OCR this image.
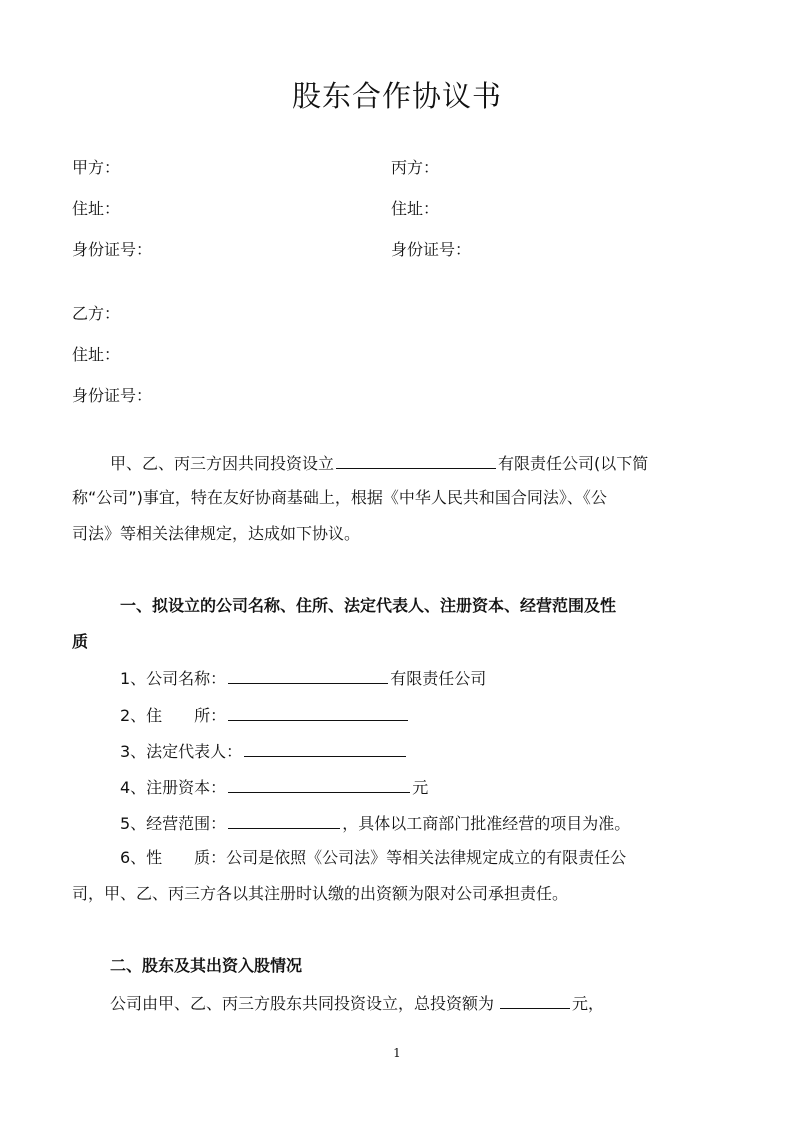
股东合作协议书
甲方：	丙方：
住址：	住址：
身份证号：	身份证号：
乙方：
住址：
身份证号：
甲、乙、丙三方因共同投资设立	有限责任公司(以下简
称“公司”)事宜，特在友好协商基础上，根据《中华人民共和国合同法》、《公
司法》等相关法律规定，达成如下协议。
一、拟设立的公司名称、住所、法定代表人、注册资本、经营范围及性
质
1、公司名称：	有限责任公司
2、住　　所：
3、法定代表人：
4、注册资本：	元
5、经营范围：	，具体以工商部门批准经营的项目为准。
6、性　　质：公司是依照《公司法》等相关法律规定成立的有限责任公
司，甲、乙、丙三方各以其注册时认缴的出资额为限对公司承担责任。
二、股东及其出资入股情况
公司由甲、乙、丙三方股东共同投资设立，总投资额为	元，
1
